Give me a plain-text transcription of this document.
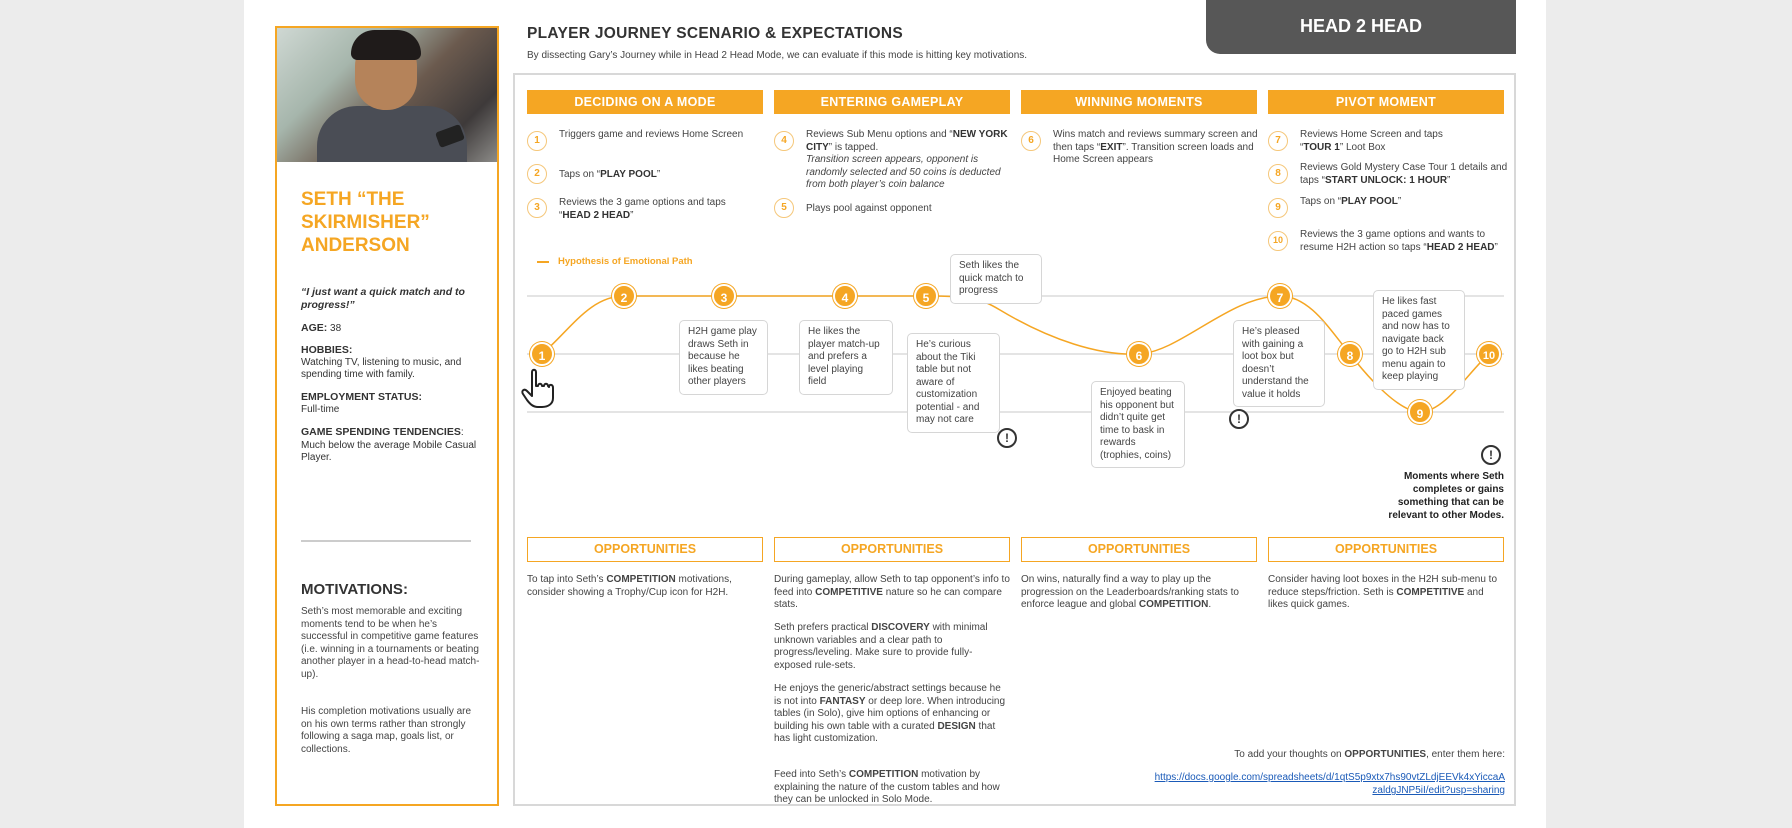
SETH “THE SKIRMISHER” ANDERSON
“I just want a quick match and to progress!”
AGE: 38
HOBBIES:
Watching TV, listening to music, and spending time with family.
EMPLOYMENT STATUS:
Full-time
GAME SPENDING TENDENCIES:
Much below the average Mobile Casual Player.
MOTIVATIONS:
Seth’s most memorable and exciting moments tend to be when he’s successful in competitive game features (i.e. winning in a tournaments or beating another player in a head-to-head match-up).
His completion motivations usually are on his own terms rather than strongly following a saga map, goals list, or collections.
PLAYER JOURNEY SCENARIO & EXPECTATIONS
By dissecting Gary’s Journey while in Head 2 Head Mode, we can evaluate if this mode is hitting key motivations.
HEAD 2 HEAD
DECIDING ON A MODE	ENTERING GAMEPLAY	WINNING MOMENTS	PIVOT MOMENT
1
Triggers game and reviews Home Screen
2	Taps on “PLAY POOL”
3	Reviews the 3 game options and taps “HEAD 2 HEAD”
4
Reviews Sub Menu options and “NEW YORK CITY” is tapped.
Transition screen appears, opponent is randomly selected and 50 coins is deducted from both player’s coin balance
5	Plays pool against opponent
6
Wins match and reviews summary screen and then taps “EXIT”. Transition screen loads and Home Screen appears
7
Reviews Home Screen and taps “TOUR 1” Loot Box
8
Reviews Gold Mystery Case Tour 1 details and taps “START UNLOCK: 1 HOUR”
9
Taps on “PLAY POOL”
10	Reviews the 3 game options and wants to resume H2H action so taps “HEAD 2 HEAD”
Hypothesis of Emotional Path
1
2	3	4	5
6
7
8
9
10
H2H game play draws Seth in because he likes beating other players
He likes the player match-up and prefers a level playing field
Seth likes the quick match to progress
He’s curious about the Tiki table but not aware of customization potential - and may not care
Enjoyed beating his opponent but didn’t quite get time to bask in rewards (trophies, coins)
He’s pleased with gaining a loot box but doesn’t understand the value it holds
He likes fast paced games and now has to navigate back go to H2H sub menu again to keep playing
!
!
!
Moments where Seth completes or gains something that can be relevant to other Modes.
OPPORTUNITIES	OPPORTUNITIES	OPPORTUNITIES	OPPORTUNITIES
To tap into Seth’s COMPETITION motivations, consider showing a Trophy/Cup icon for H2H.
During gameplay, allow Seth to tap opponent’s info to feed into COMPETITIVE nature so he can compare stats.
Seth prefers practical DISCOVERY with minimal unknown variables and a clear path to progress/leveling. Make sure to provide fully-exposed rule-sets.
He enjoys the generic/abstract settings because he is not into FANTASY or deep lore. When introducing tables (in Solo), give him options of enhancing or building his own table with a curated DESIGN that has light customization.
Feed into Seth’s COMPETITION motivation by explaining the nature of the custom tables and how they can be unlocked in Solo Mode.
On wins, naturally find a way to play up the progression on the Leaderboards/ranking stats to enforce league and global COMPETITION.
Consider having loot boxes in the H2H sub-menu to reduce steps/friction. Seth is COMPETITIVE and likes quick games.
To add your thoughts on OPPORTUNITIES, enter them here:
https://docs.google.com/spreadsheets/d/1qtS5p9xtx7hs90vtZLdjEEVk4xYiccaAzaldgJNP5iI/edit?usp=sharing
